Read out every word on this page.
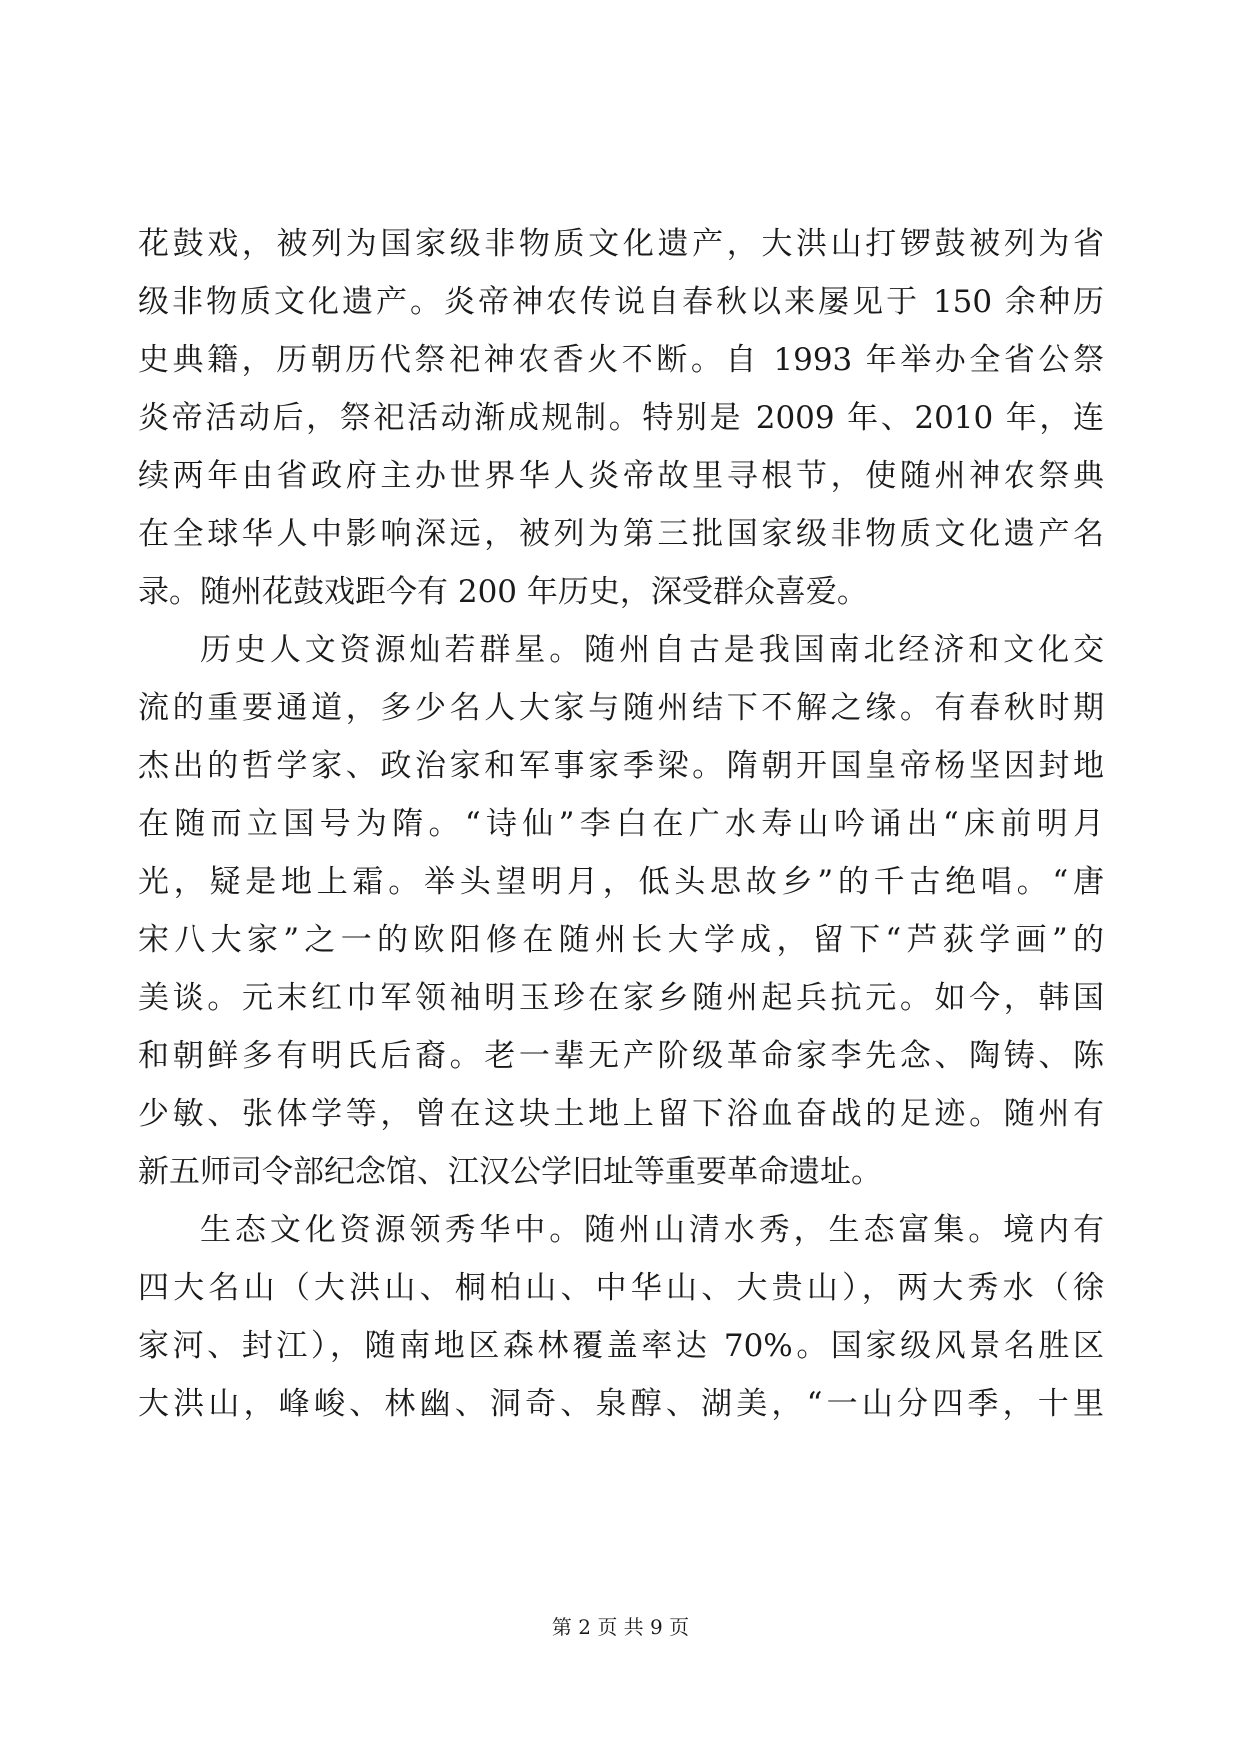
花鼓戏，被列为国家级非物质文化遗产，大洪山打锣鼓被列为省
级非物质文化遗产。炎帝神农传说自春秋以来屡见于 150 余种历
史典籍，历朝历代祭祀神农香火不断。自 1993 年举办全省公祭
炎帝活动后，祭祀活动渐成规制。特别是 2009 年、2010 年，连
续两年由省政府主办世界华人炎帝故里寻根节，使随州神农祭典
在全球华人中影响深远，被列为第三批国家级非物质文化遗产名
录。随州花鼓戏距今有 200 年历史，深受群众喜爱。

历史人文资源灿若群星。随州自古是我国南北经济和文化交
流的重要通道，多少名人大家与随州结下不解之缘。有春秋时期
杰出的哲学家、政治家和军事家季梁。隋朝开国皇帝杨坚因封地
在随而立国号为隋。“诗仙”李白在广水寿山吟诵出“床前明月
光，疑是地上霜。举头望明月，低头思故乡”的千古绝唱。“唐
宋八大家”之一的欧阳修在随州长大学成，留下“芦荻学画”的
美谈。元末红巾军领袖明玉珍在家乡随州起兵抗元。如今，韩国
和朝鲜多有明氏后裔。老一辈无产阶级革命家李先念、陶铸、陈
少敏、张体学等，曾在这块土地上留下浴血奋战的足迹。随州有
新五师司令部纪念馆、江汉公学旧址等重要革命遗址。

生态文化资源领秀华中。随州山清水秀，生态富集。境内有
四大名山（大洪山、桐柏山、中华山、大贵山），两大秀水（徐
家河、封江），随南地区森林覆盖率达 70%。国家级风景名胜区
大洪山，峰峻、林幽、洞奇、泉醇、湖美，“一山分四季，十里

第 2 页 共 9 页
